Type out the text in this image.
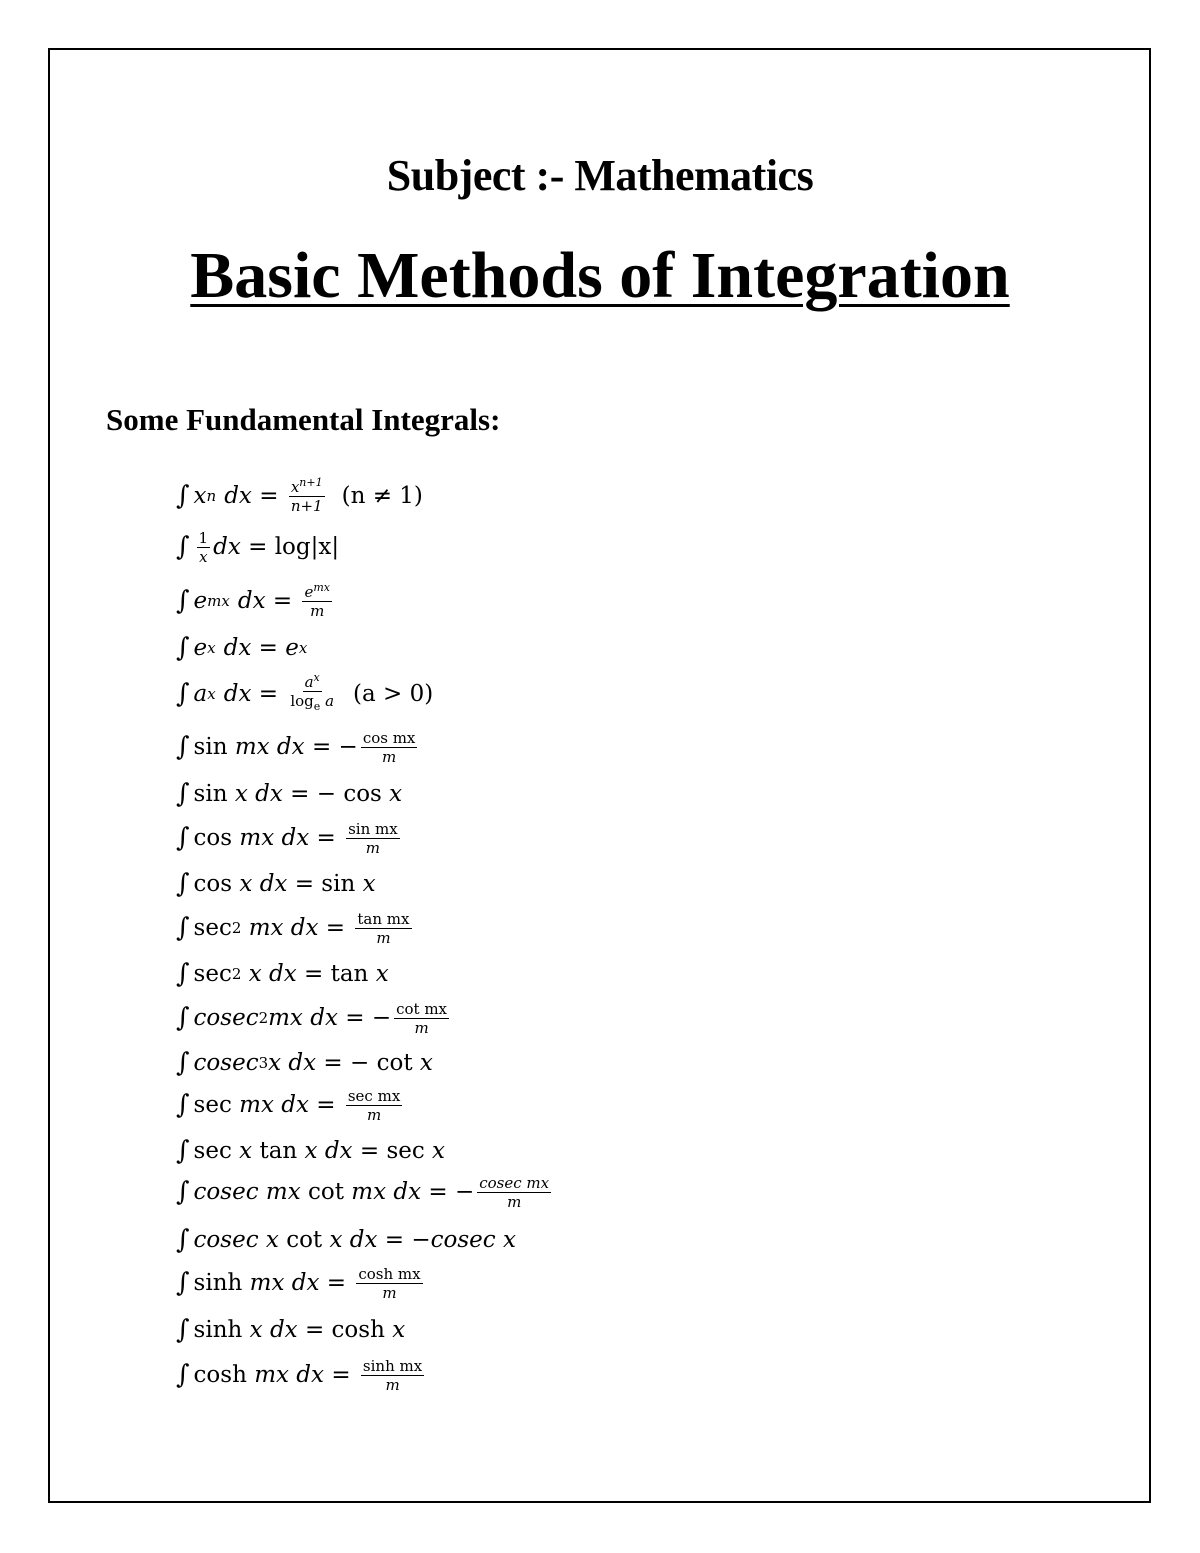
Subject :- Mathematics
Basic Methods of Integration
Some Fundamental Integrals:
∫ x n dx = $\frac{x^{n+1}}{n+1} (n \ne 1)$
∫ $\frac{1}{x}$ dx = log|x|
∫ e mx dx = $\frac{e^{mx}}{m}$
∫ e x dx = e x
∫ a x dx = $\frac{a^x}{\log_e a} (a > 0)$
∫ sin
mx dx = − $\frac{\text{cos mx}}{m}$
∫ sin
x dx = − cos
x
∫ cos
mx dx = $\frac{\text{sin mx}}{m}$
∫ cos
x dx = sin
x
∫ sec 2
mx dx = $\frac{\text{tan mx}}{m}$
∫ sec 2
x dx = tan
x
∫ cosec 2 mx dx = − $\frac{\text{cot mx}}{m}$
∫ cosec 3 x dx = − cot
x
∫ sec
mx dx = $\frac{\text{sec mx}}{m}$
∫ sec
x
tan
x dx = sec
x
∫ cosec
mx
cot
mx dx = − $\frac{\text{cosec mx}}{m}$
∫ cosec
x
cot
x dx = − cosec
x
∫ sinh
mx dx = $\frac{\text{cosh mx}}{m}$
∫ sinh
x dx = cosh
x
∫ cosh
mx dx = $\frac{\text{sinh mx}}{m}$
